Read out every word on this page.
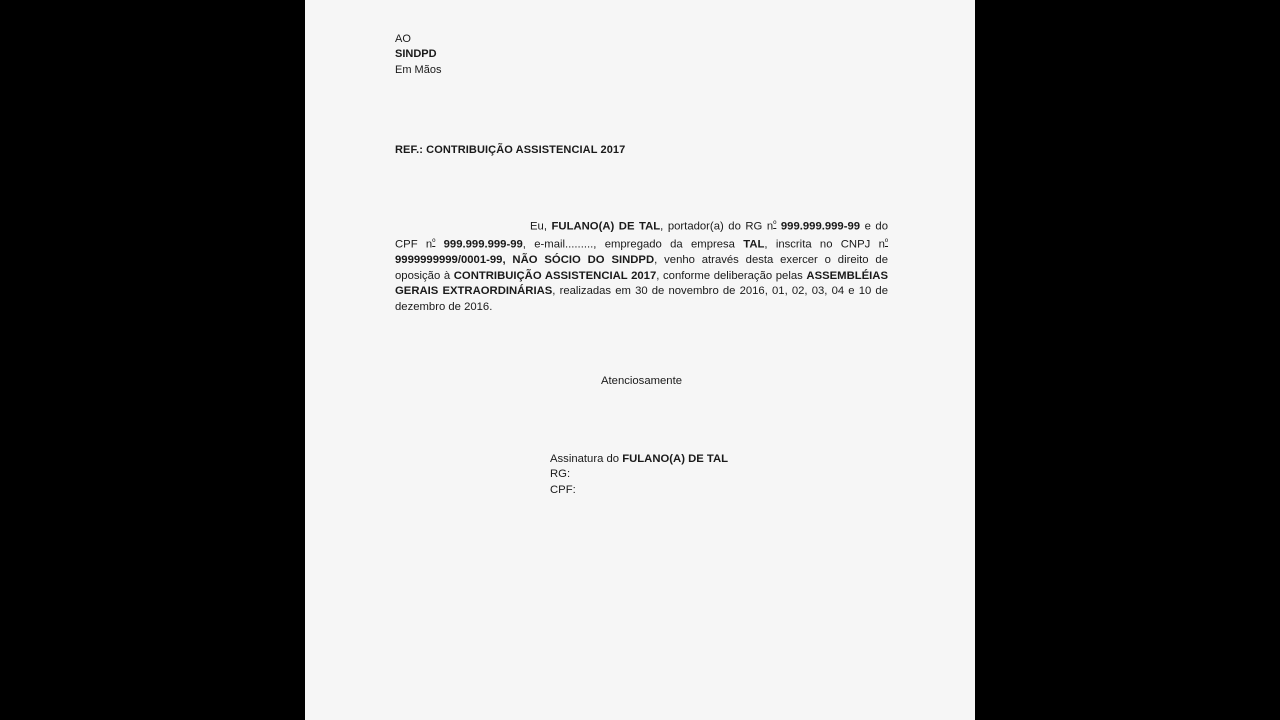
AO
SINDPD
Em Mãos
REF.: CONTRIBUIÇÃO ASSISTENCIAL 2017
Eu, FULANO(A) DE TAL, portador(a) do RG $n^º$ 999.999.999-99 e do CPF $n^º$ 999.999.999-99, e-mail........., empregado da empresa TAL, inscrita no CNPJ $n^º$ 9999999999/0001-99, NÃO SÓCIO DO SINDPD, venho através desta exercer o direito de oposição à CONTRIBUIÇÃO ASSISTENCIAL 2017, conforme deliberação pelas ASSEMBLÉIAS GERAIS EXTRAORDINÁRIAS, realizadas em 30 de novembro de 2016, 01, 02, 03, 04 e 10 de dezembro de 2016.
Atenciosamente
Assinatura do FULANO(A) DE TAL
RG:
CPF:
